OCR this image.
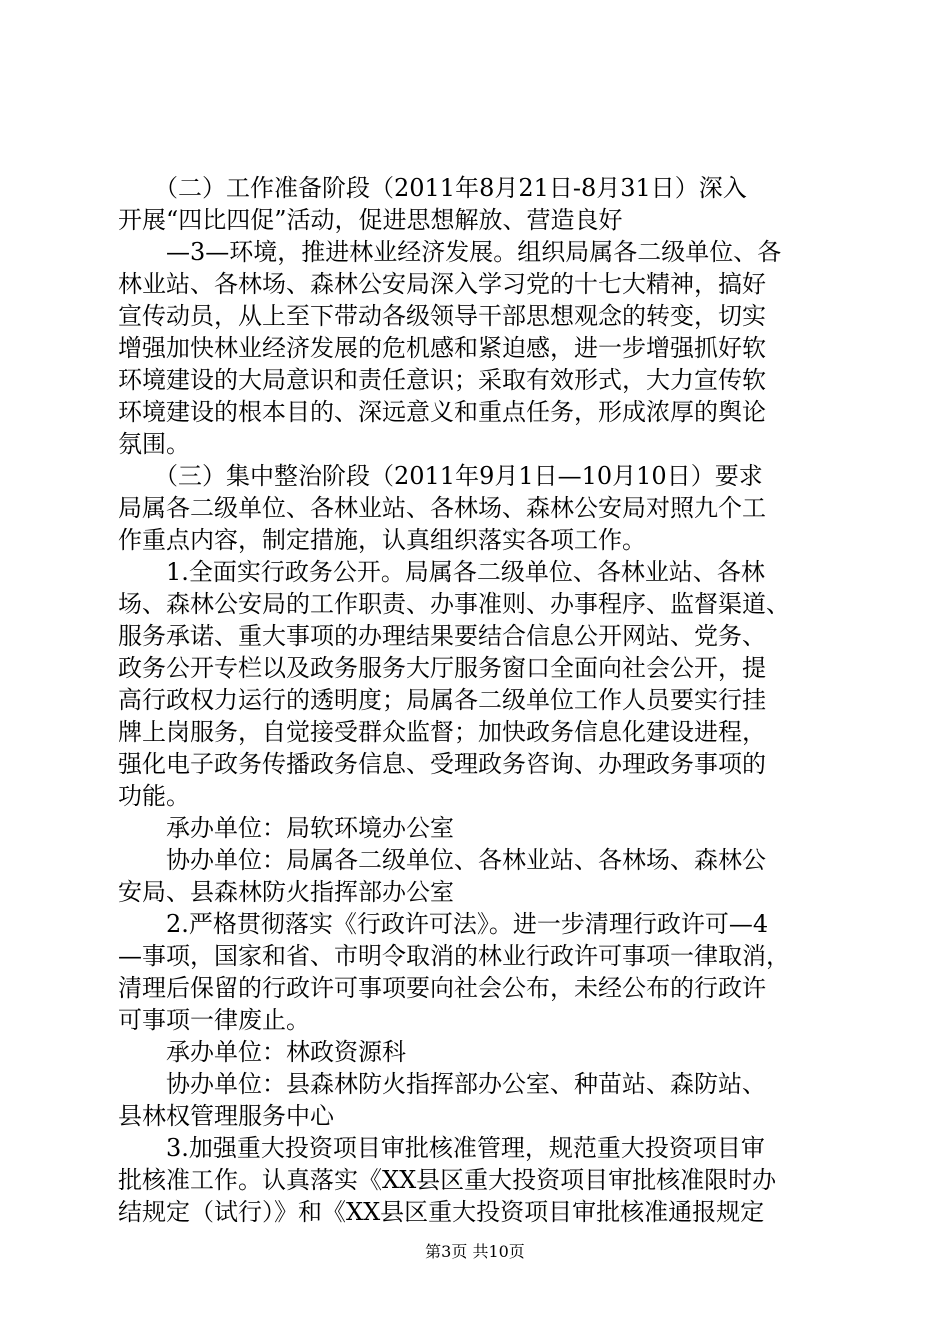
　　（二）工作准备阶段（2011年8月21日-8月31日）深入
开展“四比四促”活动，促进思想解放、营造良好
　　—3—环境，推进林业经济发展。组织局属各二级单位、各
林业站、各林场、森林公安局深入学习党的十七大精神，搞好
宣传动员，从上至下带动各级领导干部思想观念的转变，切实
增强加快林业经济发展的危机感和紧迫感，进一步增强抓好软
环境建设的大局意识和责任意识；采取有效形式，大力宣传软
环境建设的根本目的、深远意义和重点任务，形成浓厚的舆论
氛围。
　　（三）集中整治阶段（2011年9月1日—10月10日）要求
局属各二级单位、各林业站、各林场、森林公安局对照九个工
作重点内容，制定措施，认真组织落实各项工作。
　　1.全面实行政务公开。局属各二级单位、各林业站、各林
场、森林公安局的工作职责、办事准则、办事程序、监督渠道、
服务承诺、重大事项的办理结果要结合信息公开网站、党务、
政务公开专栏以及政务服务大厅服务窗口全面向社会公开，提
高行政权力运行的透明度；局属各二级单位工作人员要实行挂
牌上岗服务，自觉接受群众监督；加快政务信息化建设进程，
强化电子政务传播政务信息、受理政务咨询、办理政务事项的
功能。
　　承办单位：局软环境办公室
　　协办单位：局属各二级单位、各林业站、各林场、森林公
安局、县森林防火指挥部办公室
　　2.严格贯彻落实《行政许可法》。进一步清理行政许可—4
—事项，国家和省、市明令取消的林业行政许可事项一律取消，
清理后保留的行政许可事项要向社会公布，未经公布的行政许
可事项一律废止。
　　承办单位：林政资源科
　　协办单位：县森林防火指挥部办公室、种苗站、森防站、
县林权管理服务中心
　　3.加强重大投资项目审批核准管理，规范重大投资项目审
批核准工作。认真落实《XX县区重大投资项目审批核准限时办
结规定（试行）》和《XX县区重大投资项目审批核准通报规定
第3页 共10页
